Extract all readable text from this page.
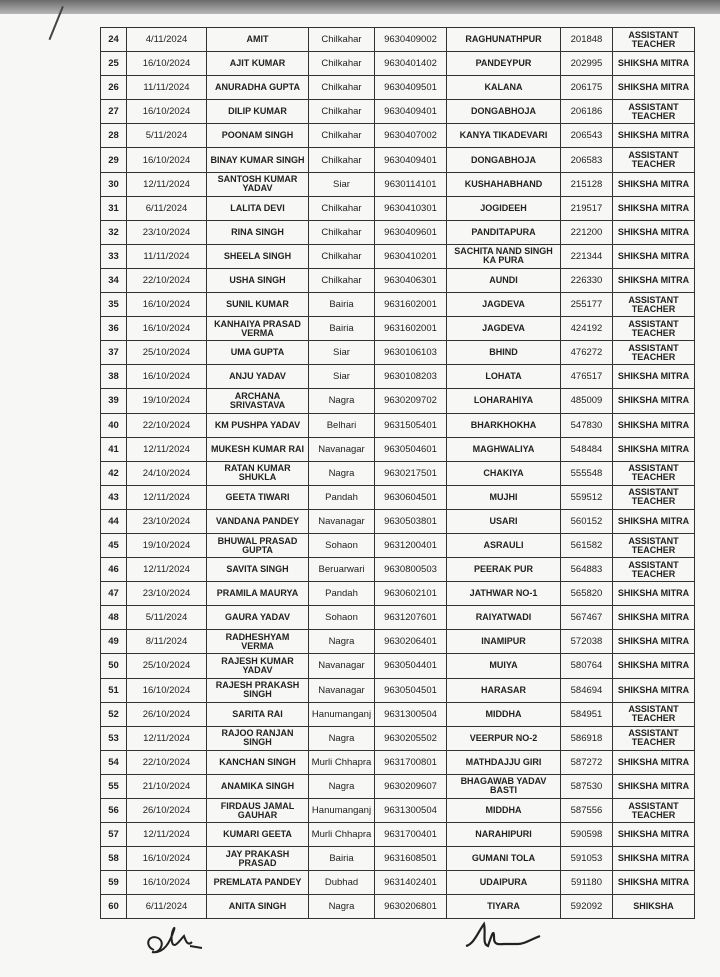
24	4/11/2024	AMIT	Chilkahar	9630409002	RAGHUNATHPUR	201848	ASSISTANT TEACHER
25	16/10/2024	AJIT KUMAR	Chilkahar	9630401402	PANDEYPUR	202995	SHIKSHA MITRA
26	11/11/2024	ANURADHA GUPTA	Chilkahar	9630409501	KALANA	206175	SHIKSHA MITRA
27	16/10/2024	DILIP KUMAR	Chilkahar	9630409401	DONGABHOJA	206186	ASSISTANT TEACHER
28	5/11/2024	POONAM SINGH	Chilkahar	9630407002	KANYA TIKADEVARI	206543	SHIKSHA MITRA
29	16/10/2024	BINAY KUMAR SINGH	Chilkahar	9630409401	DONGABHOJA	206583	ASSISTANT TEACHER
30	12/11/2024	SANTOSH KUMAR YADAV	Siar	9630114101	KUSHAHABHAND	215128	SHIKSHA MITRA
31	6/11/2024	LALITA DEVI	Chilkahar	9630410301	JOGIDEEH	219517	SHIKSHA MITRA
32	23/10/2024	RINA SINGH	Chilkahar	9630409601	PANDITAPURA	221200	SHIKSHA MITRA
33	11/11/2024	SHEELA SINGH	Chilkahar	9630410201	SACHITA NAND SINGH KA PURA	221344	SHIKSHA MITRA
34	22/10/2024	USHA SINGH	Chilkahar	9630406301	AUNDI	226330	SHIKSHA MITRA
35	16/10/2024	SUNIL KUMAR	Bairia	9631602001	JAGDEVA	255177	ASSISTANT TEACHER
36	16/10/2024	KANHAIYA PRASAD VERMA	Bairia	9631602001	JAGDEVA	424192	ASSISTANT TEACHER
37	25/10/2024	UMA GUPTA	Siar	9630106103	BHIND	476272	ASSISTANT TEACHER
38	16/10/2024	ANJU YADAV	Siar	9630108203	LOHATA	476517	SHIKSHA MITRA
39	19/10/2024	ARCHANA SRIVASTAVA	Nagra	9630209702	LOHARAHIYA	485009	SHIKSHA MITRA
40	22/10/2024	KM PUSHPA YADAV	Belhari	9631505401	BHARKHOKHA	547830	SHIKSHA MITRA
41	12/11/2024	MUKESH KUMAR RAI	Navanagar	9630504601	MAGHWALIYA	548484	SHIKSHA MITRA
42	24/10/2024	RATAN KUMAR SHUKLA	Nagra	9630217501	CHAKIYA	555548	ASSISTANT TEACHER
43	12/11/2024	GEETA TIWARI	Pandah	9630604501	MUJHI	559512	ASSISTANT TEACHER
44	23/10/2024	VANDANA PANDEY	Navanagar	9630503801	USARI	560152	SHIKSHA MITRA
45	19/10/2024	BHUWAL PRASAD GUPTA	Sohaon	9631200401	ASRAULI	561582	ASSISTANT TEACHER
46	12/11/2024	SAVITA SINGH	Beruarwari	9630800503	PEERAK PUR	564883	ASSISTANT TEACHER
47	23/10/2024	PRAMILA MAURYA	Pandah	9630602101	JATHWAR NO-1	565820	SHIKSHA MITRA
48	5/11/2024	GAURA YADAV	Sohaon	9631207601	RAIYATWADI	567467	SHIKSHA MITRA
49	8/11/2024	RADHESHYAM VERMA	Nagra	9630206401	INAMIPUR	572038	SHIKSHA MITRA
50	25/10/2024	RAJESH KUMAR YADAV	Navanagar	9630504401	MUIYA	580764	SHIKSHA MITRA
51	16/10/2024	RAJESH PRAKASH SINGH	Navanagar	9630504501	HARASAR	584694	SHIKSHA MITRA
52	26/10/2024	SARITA RAI	Hanumanganj	9631300504	MIDDHA	584951	ASSISTANT TEACHER
53	12/11/2024	RAJOO RANJAN SINGH	Nagra	9630205502	VEERPUR NO-2	586918	ASSISTANT TEACHER
54	22/10/2024	KANCHAN SINGH	Murli Chhapra	9631700801	MATHDAJJU GIRI	587272	SHIKSHA MITRA
55	21/10/2024	ANAMIKA SINGH	Nagra	9630209607	BHAGAWAB YADAV BASTI	587530	SHIKSHA MITRA
56	26/10/2024	FIRDAUS JAMAL GAUHAR	Hanumanganj	9631300504	MIDDHA	587556	ASSISTANT TEACHER
57	12/11/2024	KUMARI GEETA	Murli Chhapra	9631700401	NARAHIPURI	590598	SHIKSHA MITRA
58	16/10/2024	JAY PRAKASH PRASAD	Bairia	9631608501	GUMANI TOLA	591053	SHIKSHA MITRA
59	16/10/2024	PREMLATA PANDEY	Dubhad	9631402401	UDAIPURA	591180	SHIKSHA MITRA
60	6/11/2024	ANITA SINGH	Nagra	9630206801	TIYARA	592092	SHIKSHA
